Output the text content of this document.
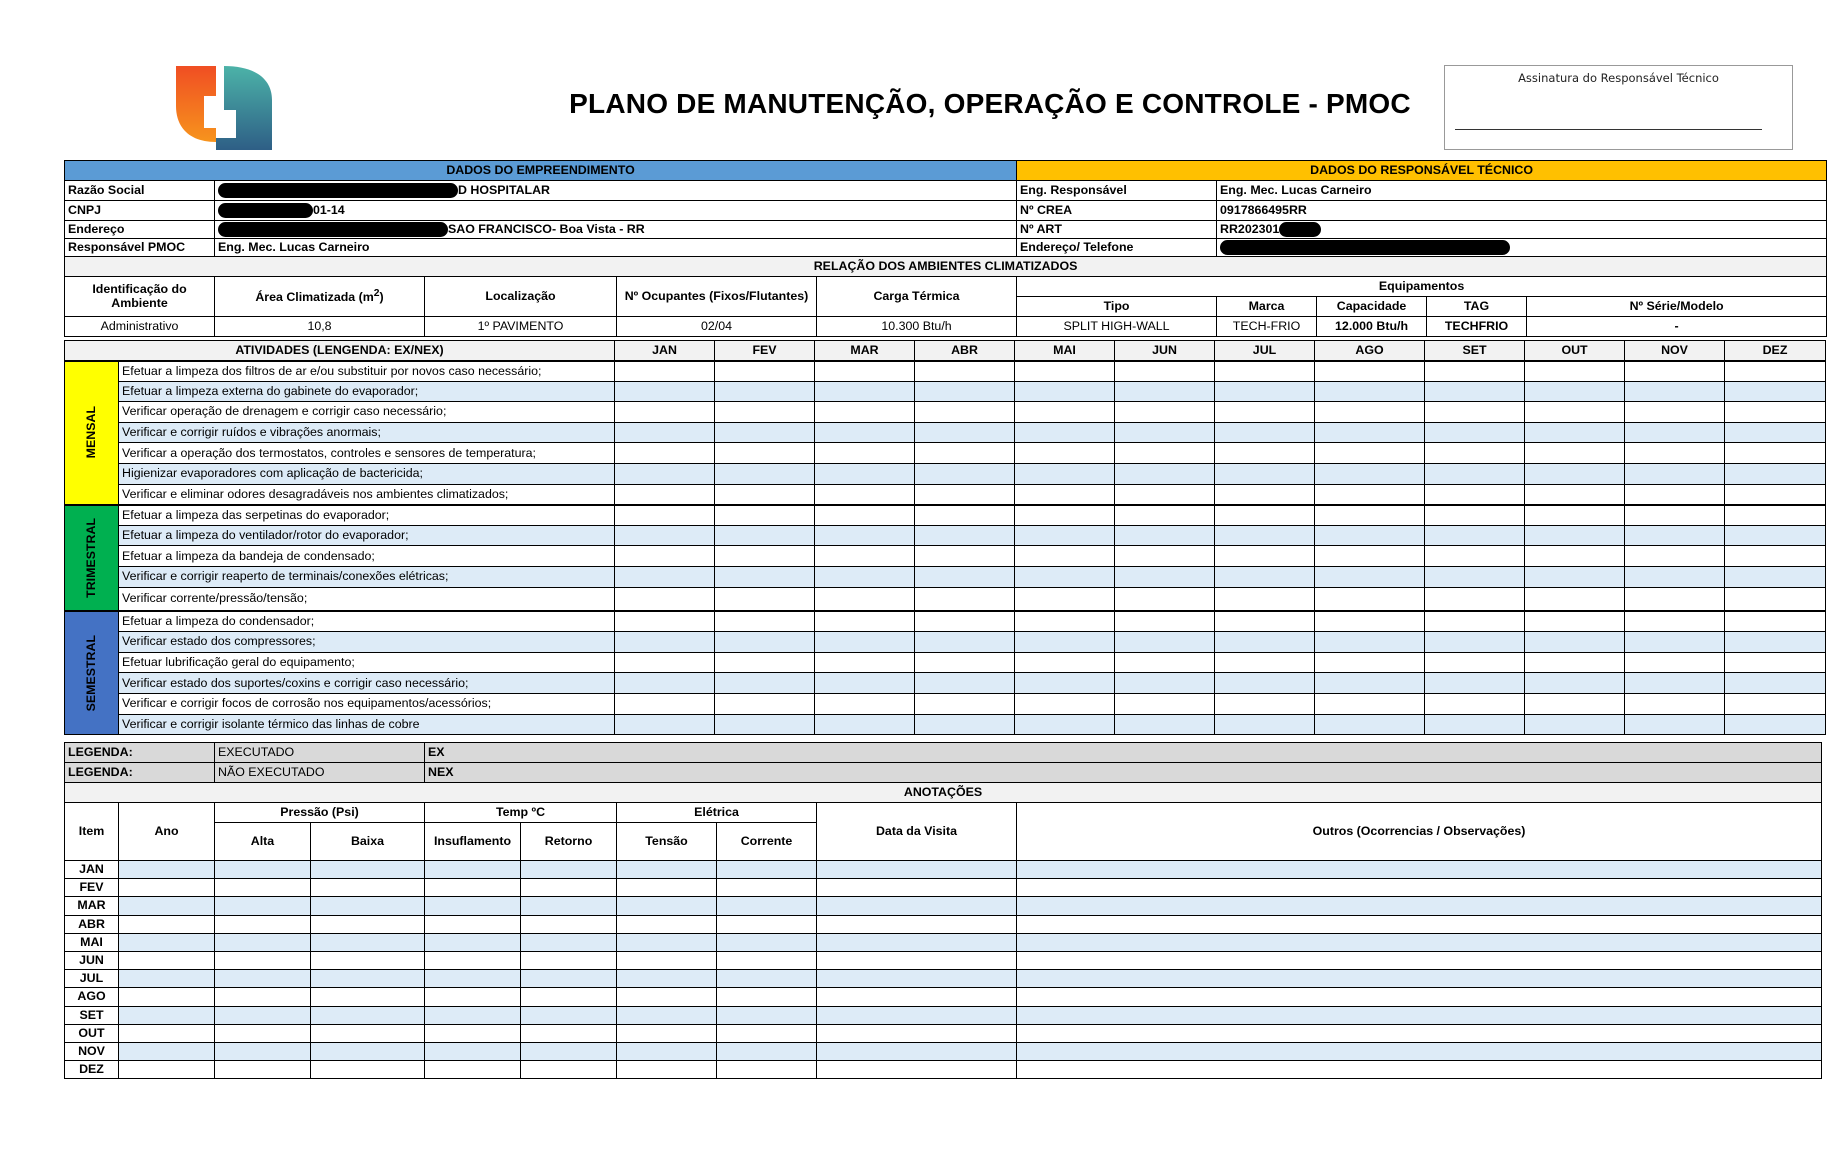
PLANO DE MANUTENÇÃO, OPERAÇÃO E CONTROLE - PMOC
Assinatura do Responsável Técnico
DADOS DO EMPREENDIMENTO					DADOS DO RESPONSÁVEL TÉCNICO				
Razão Social	D HOSPITALAR				Eng. Responsável	Eng. Mec. Lucas Carneiro			
CNPJ	01-14				Nº CREA	0917866495RR			
Endereço	SAO FRANCISCO- Boa Vista - RR				Nº ART	RR202301			
Responsável PMOC	Eng. Mec. Lucas Carneiro				Endereço/ Telefone				
RELAÇÃO DOS AMBIENTES CLIMATIZADOS									
Identificação do Ambiente	Área Climatizada $(m^2)$	Localização	Nº Ocupantes (Fixos/Flutantes)	Carga Térmica	Equipamentos				
					Tipo	Marca	Capacidade	TAG	Nº Série/Modelo
Administrativo	10,8	1º PAVIMENTO	02/04	10.300 Btu/h	SPLIT HIGH-WALL	TECH-FRIO	12.000 Btu/h	TECHFRIO	-
ATIVIDADES (LENGENDA: EX/NEX)		JAN	FEV	MAR	ABR	MAI	JUN	JUL	AGO	SET	OUT	NOV	DEZ

MENSAL	Efetuar a limpeza dos filtros de ar e/ou substituir por novos caso necessário;												
	Efetuar a limpeza externa do gabinete do evaporador;												
	Verificar operação de drenagem e corrigir caso necessário;												
	Verificar e corrigir ruídos e vibrações anormais;												
	Verificar a operação dos termostatos, controles e sensores de temperatura;												
	Higienizar evaporadores com aplicação de bactericida;												
	Verificar e eliminar odores desagradáveis nos ambientes climatizados;												

TRIMESTRAL	Efetuar a limpeza das serpetinas do evaporador;												
	Efetuar a limpeza do ventilador/rotor do evaporador;												
	Efetuar a limpeza da bandeja de condensado;												
	Verificar e corrigir reaperto de terminais/conexões elétricas;												
	Verificar corrente/pressão/tensão;												

SEMESTRAL	Efetuar a limpeza do condensador;												
	Verificar estado dos compressores;												
	Efetuar lubrificação geral do equipamento;												
	Verificar estado dos suportes/coxins e corrigir caso necessário;												
	Verificar e corrigir focos de corrosão nos equipamentos/acessórios;												
	Verificar e corrigir isolante térmico das linhas de cobre												
LEGENDA:		EXECUTADO		EX					
LEGENDA:		NÃO EXECUTADO		NEX					
ANOTAÇÕES									
Item	Ano	Pressão (Psi)		Temp ºC		Elétrica		Data da Visita	Outros (Ocorrencias / Observações)
		Alta	Baixa	Insuflamento	Retorno	Tensão	Corrente		
JAN									
FEV									
MAR									
ABR									
MAI									
JUN									
JUL									
AGO									
SET									
OUT									
NOV									
DEZ									
